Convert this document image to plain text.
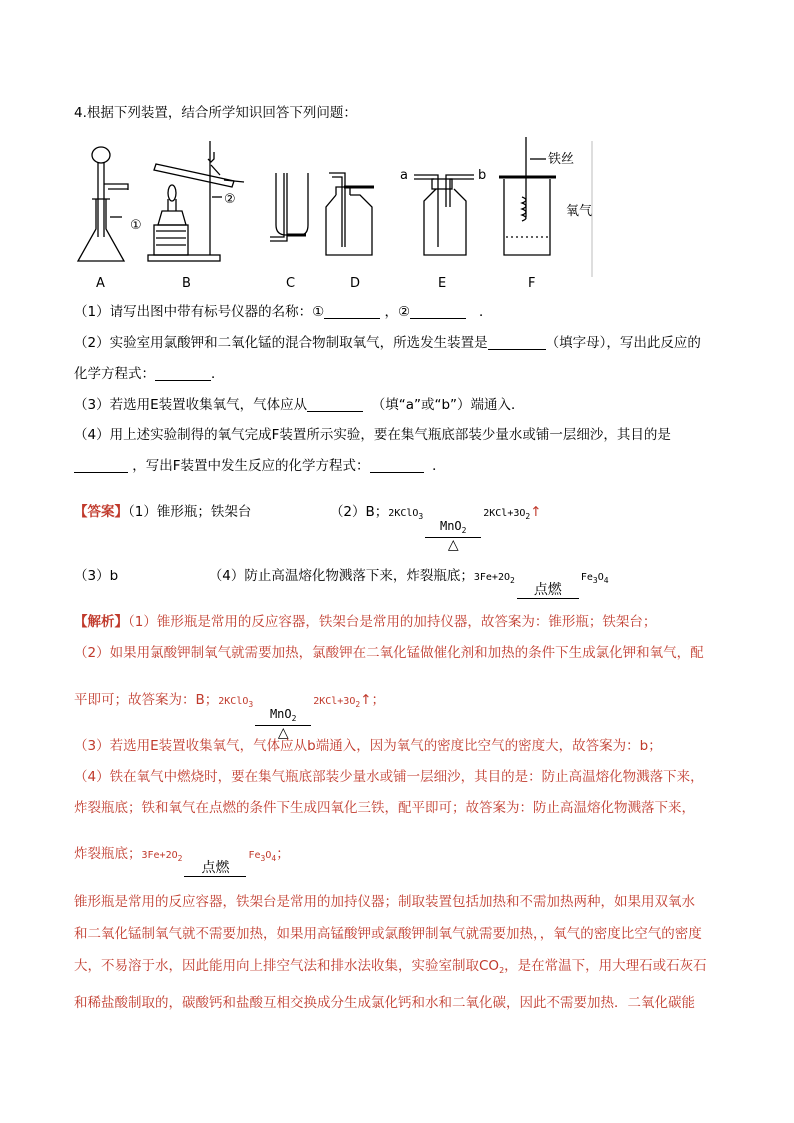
4.根据下列装置，结合所学知识回答下列问题：
①
②
a	b
铁丝
氧气
A	B	C	D	E	F
（1）请写出图中带有标号仪器的名称：①	，②	．
（2）实验室用氯酸钾和二氧化锰的混合物制取氧气，所选发生装置是	（填字母），写出此反应的
化学方程式：	．
（3）若选用E装置收集氧气，气体应从	（填“a”或“b”）端通入．
（4）用上述实验制得的氧气完成F装置所示实验，要在集气瓶底部装少量水或铺一层细沙，其目的是
，写出F装置中发生反应的化学方程式：	．
【答案】（1）锥形瓶；铁架台	（2）B；2KClO$_3$
MnO$_2$
△
$2KCl+3O_2↑$
（3）b	（4）防止高温熔化物溅落下来，炸裂瓶底；$3Fe+2O_2$
点燃
$Fe_3O_4$
【解析】（1）锥形瓶是常用的反应容器，铁架台是常用的加持仪器，故答案为：锥形瓶；铁架台；
（2）如果用氯酸钾制氧气就需要加热，氯酸钾在二氧化锰做催化剂和加热的条件下生成氯化钾和氧气，配
平即可；故答案为：B；2KClO$_3$
MnO$_2$
△
$2KCl+3O_2↑$；
（3）若选用E装置收集氧气，气体应从b端通入，因为氧气的密度比空气的密度大，故答案为：b；
（4）铁在氧气中燃烧时，要在集气瓶底部装少量水或铺一层细沙，其目的是：防止高温熔化物溅落下来，
炸裂瓶底；铁和氧气在点燃的条件下生成四氧化三铁，配平即可；故答案为：防止高温熔化物溅落下来，
炸裂瓶底；$3Fe+2O_2$
点燃
$Fe_3O_4$；
锥形瓶是常用的反应容器，铁架台是常用的加持仪器；制取装置包括加热和不需加热两种，如果用双氧水
和二氧化锰制氧气就不需要加热，如果用高锰酸钾或氯酸钾制氧气就需要加热，，氧气的密度比空气的密度
大，不易溶于水，因此能用向上排空气法和排水法收集，实验室制取$CO_2$，是在常温下，用大理石或石灰石
和稀盐酸制取的，碳酸钙和盐酸互相交换成分生成氯化钙和水和二氧化碳，因此不需要加热．二氧化碳能
